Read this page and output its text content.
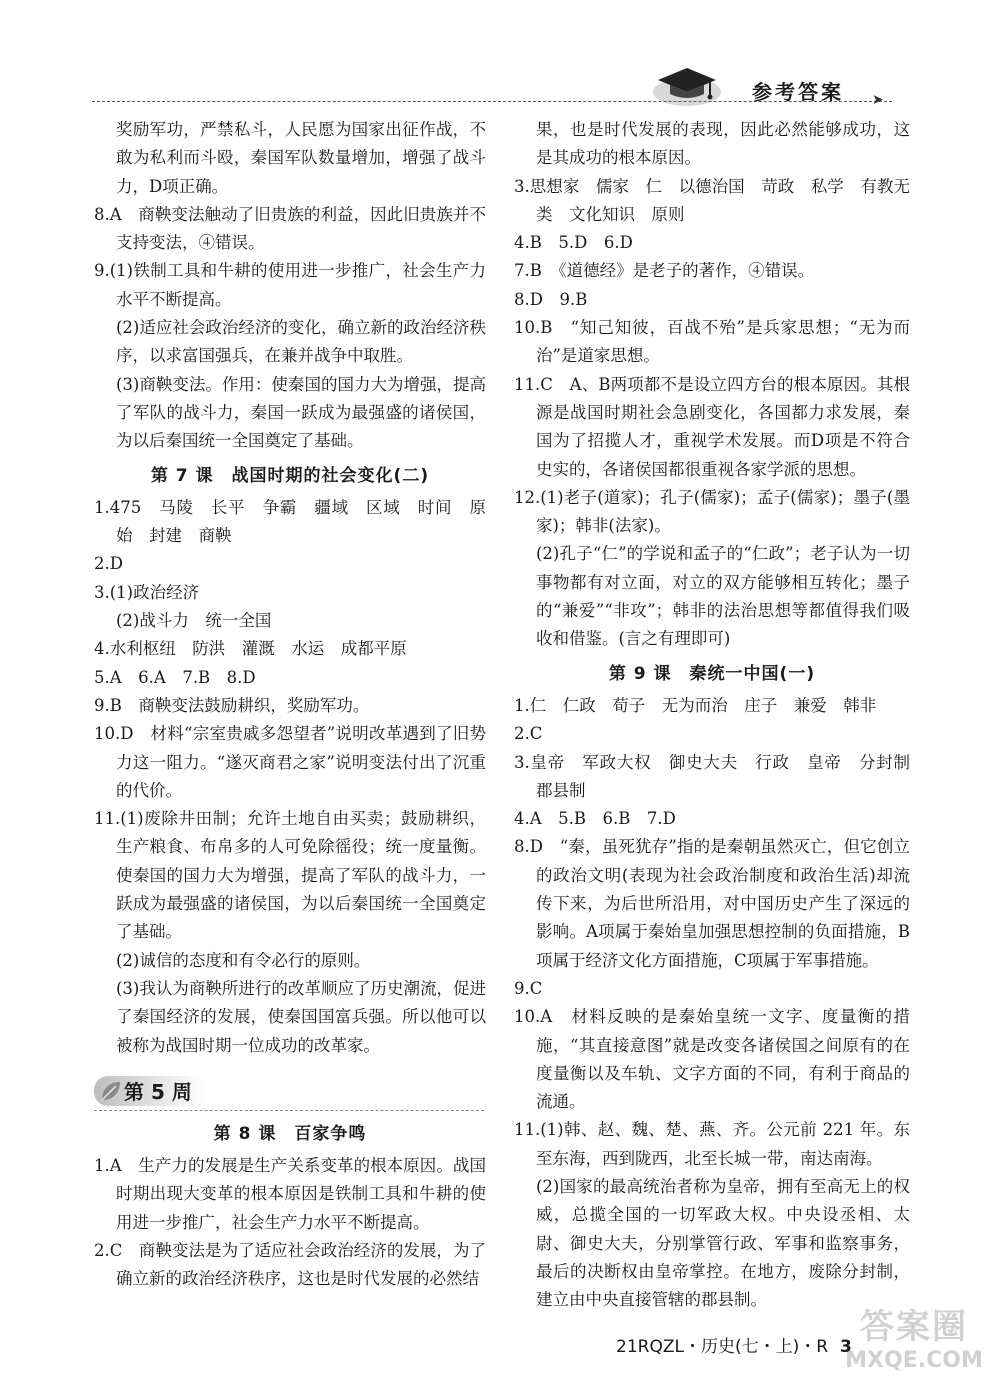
参考答案 ➤

奖励军功，严禁私斗，人民愿为国家出征作战，不敢为私利而斗殴，秦国军队数量增加，增强了战斗力，D项正确。

8.A　商鞅变法触动了旧贵族的利益，因此旧贵族并不支持变法，④错误。

9.(1)铁制工具和牛耕的使用进一步推广，社会生产力水平不断提高。

(2)适应社会政治经济的变化，确立新的政治经济秩序，以求富国强兵，在兼并战争中取胜。

(3)商鞅变法。作用：使秦国的国力大为增强，提高了军队的战斗力，秦国一跃成为最强盛的诸侯国，为以后秦国统一全国奠定了基础。

第 7 课　战国时期的社会变化(二)

1.475　马陵　长平　争霸　疆域　区域　时间　原始　封建　商鞅

2.D

3.(1)政治经济

(2)战斗力　统一全国

4.水利枢纽　防洪　灌溉　水运　成都平原

5.A　6.A　7.B　8.D

9.B　商鞅变法鼓励耕织，奖励军功。

10.D　材料“宗室贵戚多怨望者”说明改革遇到了旧势力这一阻力。“遂灭商君之家”说明变法付出了沉重的代价。

11.(1)废除井田制；允许土地自由买卖；鼓励耕织，生产粮食、布帛多的人可免除徭役；统一度量衡。使秦国的国力大为增强，提高了军队的战斗力，一跃成为最强盛的诸侯国，为以后秦国统一全国奠定了基础。

(2)诚信的态度和有令必行的原则。

(3)我认为商鞅所进行的改革顺应了历史潮流，促进了秦国经济的发展，使秦国国富兵强。所以他可以被称为战国时期一位成功的改革家。

第 5 周
第 8 课　百家争鸣

1.A　生产力的发展是生产关系变革的根本原因。战国时期出现大变革的根本原因是铁制工具和牛耕的使用进一步推广，社会生产力水平不断提高。

2.C　商鞅变法是为了适应社会政治经济的发展，为了确立新的政治经济秩序，这也是时代发展的必然结

果，也是时代发展的表现，因此必然能够成功，这是其成功的根本原因。

3.思想家　儒家　仁　以德治国　苛政　私学　有教无类　文化知识　原则

4.B　5.D　6.D

7.B　《道德经》是老子的著作，④错误。

8.D　9.B

10.B　“知己知彼，百战不殆”是兵家思想；“无为而治”是道家思想。

11.C　A、B两项都不是设立四方台的根本原因。其根源是战国时期社会急剧变化，各国都力求发展，秦国为了招揽人才，重视学术发展。而D项是不符合史实的，各诸侯国都很重视各家学派的思想。

12.(1)老子(道家)；孔子(儒家)；孟子(儒家)；墨子(墨家)；韩非(法家)。

(2)孔子“仁”的学说和孟子的“仁政”；老子认为一切事物都有对立面，对立的双方能够相互转化；墨子的“兼爱”“非攻”；韩非的法治思想等都值得我们吸收和借鉴。(言之有理即可)

第 9 课　秦统一中国(一)

1.仁　仁政　荀子　无为而治　庄子　兼爱　韩非

2.C

3.皇帝　军政大权　御史大夫　行政　皇帝　分封制　郡县制

4.A　5.B　6.B　7.D

8.D　“秦，虽死犹存”指的是秦朝虽然灭亡，但它创立的政治文明(表现为社会政治制度和政治生活)却流传下来，为后世所沿用，对中国历史产生了深远的影响。A项属于秦始皇加强思想控制的负面措施，B项属于经济文化方面措施，C项属于军事措施。

9.C

10.A　材料反映的是秦始皇统一文字、度量衡的措施，“其直接意图”就是改变各诸侯国之间原有的在度量衡以及车轨、文字方面的不同，有利于商品的流通。

11.(1)韩、赵、魏、楚、燕、齐。公元前 221 年。东至东海，西到陇西，北至长城一带，南达南海。

(2)国家的最高统治者称为皇帝，拥有至高无上的权威，总揽全国的一切军政大权。中央设丞相、太尉、御史大夫，分别掌管行政、军事和监察事务，最后的决断权由皇帝掌控。在地方，废除分封制，建立由中央直接管辖的郡县制。

21RQZL・历史(七・上)・R 3 答案圈
MXQE.COM
